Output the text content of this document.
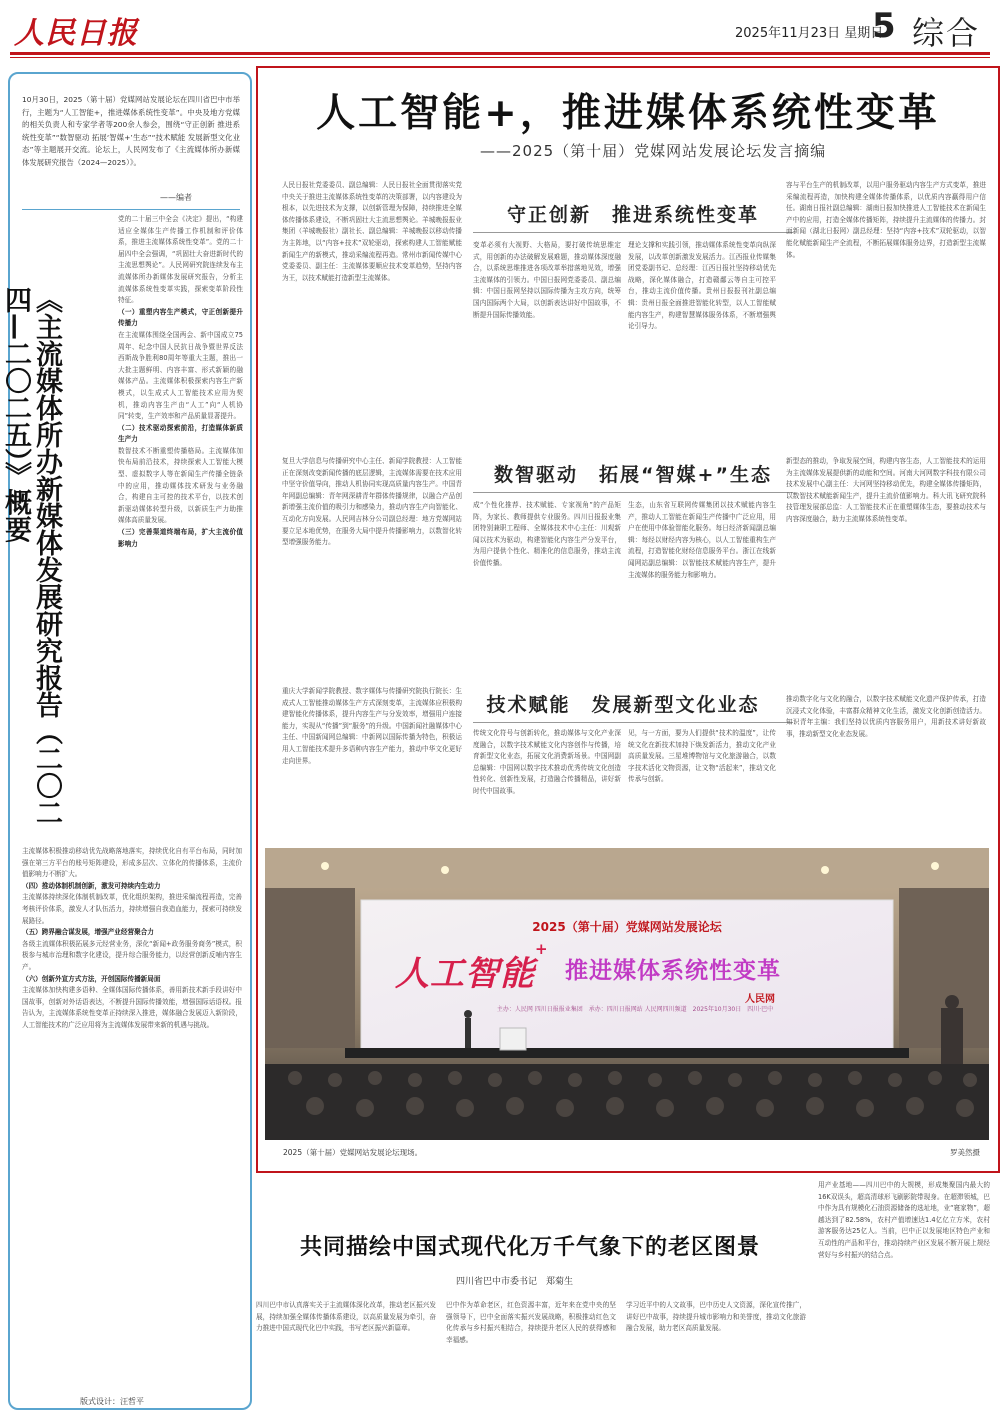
人民日报	2025年11月23日 星期日
5 综合
10月30日，2025（第十届）党媒网站发展论坛在四川省巴中市举行，主题为“人工智能+，推进媒体系统性变革”。中央及地方党媒的相关负责人和专家学者等200余人参会，围绕“守正创新 推进系统性变革”“数智驱动 拓展‘智媒+’生态”“技术赋能 发展新型文化业态”等主题展开交流。论坛上，人民网发布了《主流媒体所办新媒体发展研究报告（2024—2025）》。
——编者
《主流媒体所办新媒体发展研究报告（二〇二四—二〇二五）》概要
党的二十届三中全会《决定》提出，“构建适应全媒体生产传播工作机制和评价体系，推进主流媒体系统性变革”。党的二十届四中全会强调，“巩固壮大奋进新时代的主流思想舆论”。人民网研究院连续发布主流媒体所办新媒体发展研究报告，分析主流媒体系统性变革实践，探索变革阶段性特征。
（一）重塑内容生产模式，守正创新提升传播力
在主流媒体围绕全国两会、新中国成立75周年、纪念中国人民抗日战争暨世界反法西斯战争胜利80周年等重大主题，推出一大批主题鲜明、内容丰富、形式新颖的融媒体产品。主流媒体积极探索内容生产新模式，以生成式人工智能技术应用为契机，推动内容生产由“人工”向“人机协同”转变，生产效率和产品质量显著提升。
（二）技术驱动探索前沿，打造媒体新质生产力
数智技术不断重塑传播格局。主流媒体加快布局前沿技术，持续探索人工智能大模型、虚拟数字人等在新闻生产传播全链条中的应用，推动媒体技术研发与业务融合，构建自主可控的技术平台，以技术创新驱动媒体转型升级，以新质生产力助推媒体高质量发展。
（三）完善渠道终端布局，扩大主流价值影响力
主流媒体积极推动移动优先战略落地落实，持续优化自有平台布局，同时加强在第三方平台的账号矩阵建设，形成多层次、立体化的传播体系，主流价值影响力不断扩大。
（四）推动体制机制创新，激发可持续内生动力
主流媒体持续深化体制机制改革，优化组织架构，推进采编流程再造，完善考核评价体系，激发人才队伍活力，持续增强自我造血能力，探索可持续发展路径。
（五）跨界融合谋发展，增强产业经营聚合力
各级主流媒体积极拓展多元经营业务，深化“新闻+政务服务商务”模式，积极参与城市治理和数字化建设，提升综合服务能力，以经营创新反哺内容生产。
（六）创新外宣方式方法，开创国际传播新局面
主流媒体加快构建多语种、全媒体国际传播体系，善用新技术新手段讲好中国故事，创新对外话语表达，不断提升国际传播效能，增强国际话语权。报告认为，主流媒体系统性变革正持续深入推进，媒体融合发展迈入新阶段，人工智能技术的广泛应用将为主流媒体发展带来新的机遇与挑战。
人工智能+，推进媒体系统性变革
——2025（第十届）党媒网站发展论坛发言摘编
人民日报社党委委员、副总编辑：人民日报社全面贯彻落实党中央关于推进主流媒体系统性变革的决策部署，以内容建设为根本，以先进技术为支撑，以创新管理为保障，持续推进全媒体传播体系建设，不断巩固壮大主流思想舆论。羊城晚报报业集团（羊城晚报社）副社长、副总编辑：羊城晚报以移动传播为主阵地，以“内容+技术”双轮驱动，探索构建人工智能赋能新闻生产的新模式，推动采编流程再造。常州市新闻传媒中心党委委员、副主任：主流媒体要顺应技术变革趋势，坚持内容为王，以技术赋能打造新型主流媒体。
复旦大学信息与传播研究中心主任、新闻学院教授：人工智能正在深刻改变新闻传播的底层逻辑，主流媒体需要在技术应用中坚守价值导向，推动人机协同实现高质量内容生产。中国青年网副总编辑：青年网深耕青年群体传播规律，以融合产品创新增强主流价值的吸引力和感染力，推动内容生产向智能化、互动化方向发展。人民网吉林分公司副总经理：地方党媒网站要立足本地优势，在服务大局中提升传播影响力，以数智化转型增强服务能力。
重庆大学新闻学院教授、数字媒体与传播研究院执行院长：生成式人工智能推动媒体生产方式深刻变革，主流媒体应积极构建智能化传播体系，提升内容生产与分发效率，增强用户连接能力，实现从“传播”到“服务”的升级。中国新闻社融媒体中心主任、中国新闻网总编辑：中新网以国际传播为特色，积极运用人工智能技术提升多语种内容生产能力，推动中华文化更好走向世界。
守正创新　推进系统性变革
变革必须有大视野、大格局，要打破传统思维定式，用创新的办法破解发展难题，推动媒体深度融合，以系统思维推进各项改革举措落地见效，增强主流媒体的引领力。中国日报网党委委员、副总编辑：中国日报网坚持以国际传播为主攻方向，统筹国内国际两个大局，以创新表达讲好中国故事，不断提升国际传播效能。
理论支撑和实践引领，推动媒体系统性变革向纵深发展，以改革创新激发发展活力。江西报业传媒集团党委副书记、总经理：江西日报社坚持移动优先战略，深化媒体融合，打造赣鄱云等自主可控平台，推动主流价值传播。贵州日报报刊社副总编辑：贵州日报全面推进智能化转型，以人工智能赋能内容生产，构建智慧媒体服务体系，不断增强舆论引导力。
容与平台生产的机制改革，以用户服务驱动内容生产方式变革，推进采编流程再造，加快构建全媒体传播体系，以优质内容赢得用户信任。湖南日报社副总编辑：湖南日报加快推进人工智能技术在新闻生产中的应用，打造全媒体传播矩阵，持续提升主流媒体的传播力。封面新闻（湖北日报网）副总经理：坚持“内容+技术”双轮驱动，以智能化赋能新闻生产全流程，不断拓展媒体服务边界，打造新型主流媒体。
数智驱动　拓展“智媒+”生态
成“个性化推荐、技术赋能、专家视角”的产品矩阵，为家长、教师提供专业服务。四川日报报业集团特别兼职工程师、全媒体技术中心主任：川观新闻以技术为驱动，构建智能化内容生产分发平台，为用户提供个性化、精准化的信息服务，推动主流价值传播。
生态，山东省互联网传媒集团以技术赋能内容生产，推动人工智能在新闻生产传播中广泛应用，用户在使用中体验智能化服务。每日经济新闻副总编辑：每经以财经内容为核心，以人工智能重构生产流程，打造智能化财经信息服务平台。浙江在线新闻网站副总编辑：以智能技术赋能内容生产，提升主流媒体的服务能力和影响力。
新型态的推动，争取发展空间，构建内容生态，人工智能技术的运用为主流媒体发展提供新的动能和空间。河南大河网数字科技有限公司技术发展中心副主任：大河网坚持移动优先，构建全媒体传播矩阵，以数智技术赋能新闻生产，提升主流价值影响力。科大讯飞研究院科技管理发展部总监：人工智能技术正在重塑媒体生态，要推动技术与内容深度融合，助力主流媒体系统性变革。
技术赋能　发展新型文化业态
传统文化符号与创新转化，推动媒体与文化产业深度融合，以数字技术赋能文化内容创作与传播，培育新型文化业态，拓展文化消费新场景。中国网副总编辑：中国网以数字技术推动优秀传统文化创造性转化、创新性发展，打造融合传播精品，讲好新时代中国故事。
见，与一方面，要为人们提供“技术的温度”，让传统文化在新技术加持下焕发新活力，推动文化产业高质量发展。三星堆博物馆与文化旅游融合，以数字技术活化文物资源，让文物“活起来”，推动文化传承与创新。
推动数字化与文化的融合，以数字技术赋能文化遗产保护传承，打造沉浸式文化体验，丰富群众精神文化生活，激发文化创新创造活力。知识青年主编：我们坚持以优质内容服务用户，用新技术讲好新故事，推动新型文化业态发展。
2025（第十届）党媒网站发展论坛
人工智能
+
推进媒体系统性变革
主办：人民网 四川日报报业集团　承办：四川日报网站 人民网四川频道　2025年10月30日　四川·巴中
人民网
2025（第十届）党媒网站发展论坛现场。	罗美然摄
用产业基地——四川巴中的大规模，形成集聚国内最大的16K双误头，超高清球形飞刷影院带现身。在超滞领城，巴中作为具有规模化石油资源储备的选址地，业“寝家物”，超越达到了82.58%，农村产值增速达1.4亿亿立方米，农村游客服务达25亿人。当前，巴中正以发展地区特色产业和互动性的产品和平台，推动持续产业区发展不断开展上规经营好与乡村振兴的结合点。
共同描绘中国式现代化万千气象下的老区图景
四川省巴中市委书记　郑菊生
四川巴中市认真落实关于主流媒体深化改革，推动老区振兴发展，持续加强全媒体传播体系建设，以高质量发展为牵引，奋力推进中国式现代化巴中实践，书写老区振兴新篇章。
巴中作为革命老区，红色资源丰富，近年来在党中央的坚强领导下，巴中全面落实振兴发展战略，积极推动红色文化传承与乡村振兴相结合，持续提升老区人民的获得感和幸福感。
学习近平中的人文故事，巴中历史人文资源，深化宣传推广，讲好巴中故事，持续提升城市影响力和美誉度，推动文化旅游融合发展，助力老区高质量发展。
版式设计：汪哲平
